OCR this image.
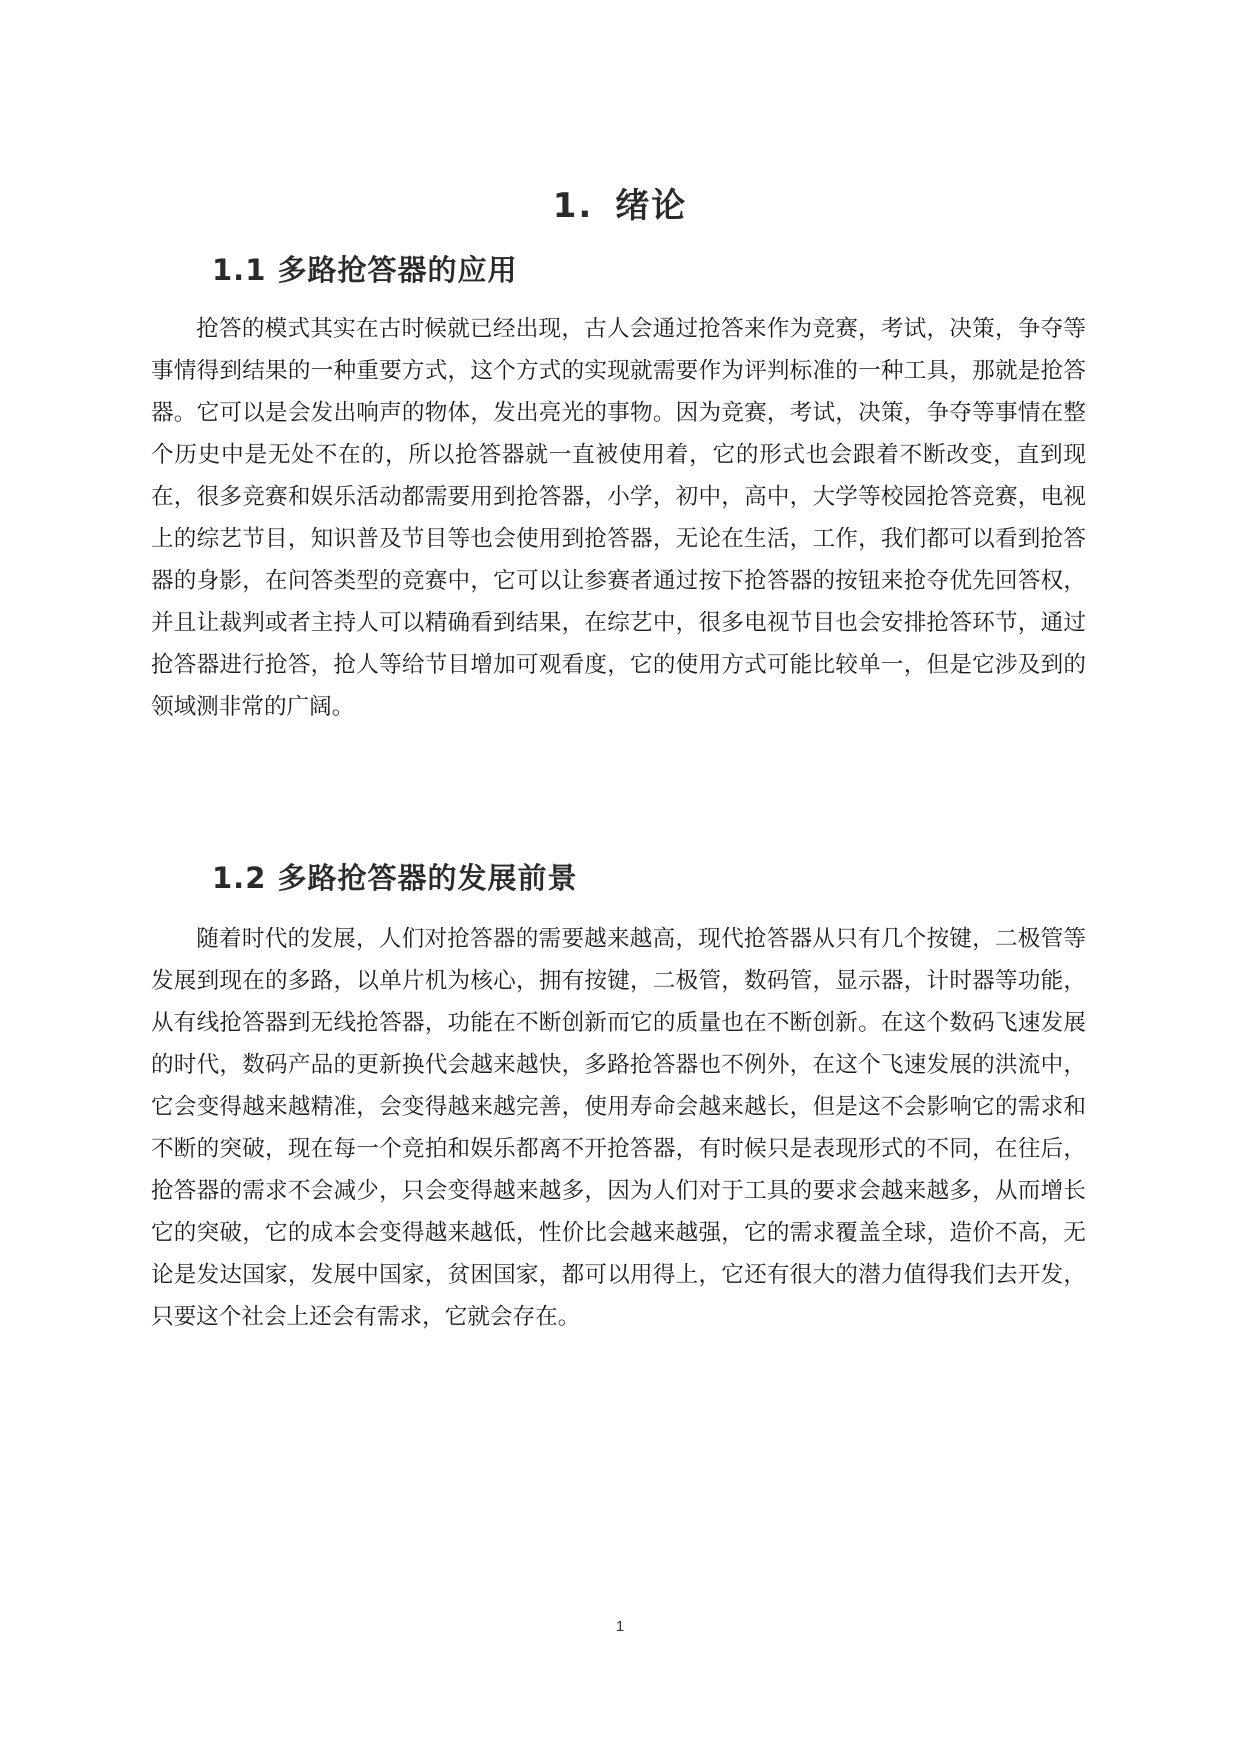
1. 绪论
1.1 多路抢答器的应用

抢答的模式其实在古时候就已经出现，古人会通过抢答来作为竞赛，考试，决策，争夺等事情得到结果的一种重要方式，这个方式的实现就需要作为评判标准的一种工具，那就是抢答器。它可以是会发出响声的物体，发出亮光的事物。因为竞赛，考试，决策，争夺等事情在整个历史中是无处不在的，所以抢答器就一直被使用着，它的形式也会跟着不断改变，直到现在，很多竞赛和娱乐活动都需要用到抢答器，小学，初中，高中，大学等校园抢答竞赛，电视上的综艺节目，知识普及节目等也会使用到抢答器，无论在生活，工作，我们都可以看到抢答器的身影，在问答类型的竞赛中，它可以让参赛者通过按下抢答器的按钮来抢夺优先回答权，并且让裁判或者主持人可以精确看到结果，在综艺中，很多电视节目也会安排抢答环节，通过抢答器进行抢答，抢人等给节目增加可观看度，它的使用方式可能比较单一，但是它涉及到的领域测非常的广阔。

1.2 多路抢答器的发展前景

随着时代的发展，人们对抢答器的需要越来越高，现代抢答器从只有几个按键，二极管等发展到现在的多路，以单片机为核心，拥有按键，二极管，数码管，显示器，计时器等功能，从有线抢答器到无线抢答器，功能在不断创新而它的质量也在不断创新。在这个数码飞速发展的时代，数码产品的更新换代会越来越快，多路抢答器也不例外，在这个飞速发展的洪流中，它会变得越来越精准，会变得越来越完善，使用寿命会越来越长，但是这不会影响它的需求和不断的突破，现在每一个竞拍和娱乐都离不开抢答器，有时候只是表现形式的不同，在往后，抢答器的需求不会减少，只会变得越来越多，因为人们对于工具的要求会越来越多，从而增长它的突破，它的成本会变得越来越低，性价比会越来越强，它的需求覆盖全球，造价不高，无论是发达国家，发展中国家，贫困国家，都可以用得上，它还有很大的潜力值得我们去开发，只要这个社会上还会有需求，它就会存在。

1
